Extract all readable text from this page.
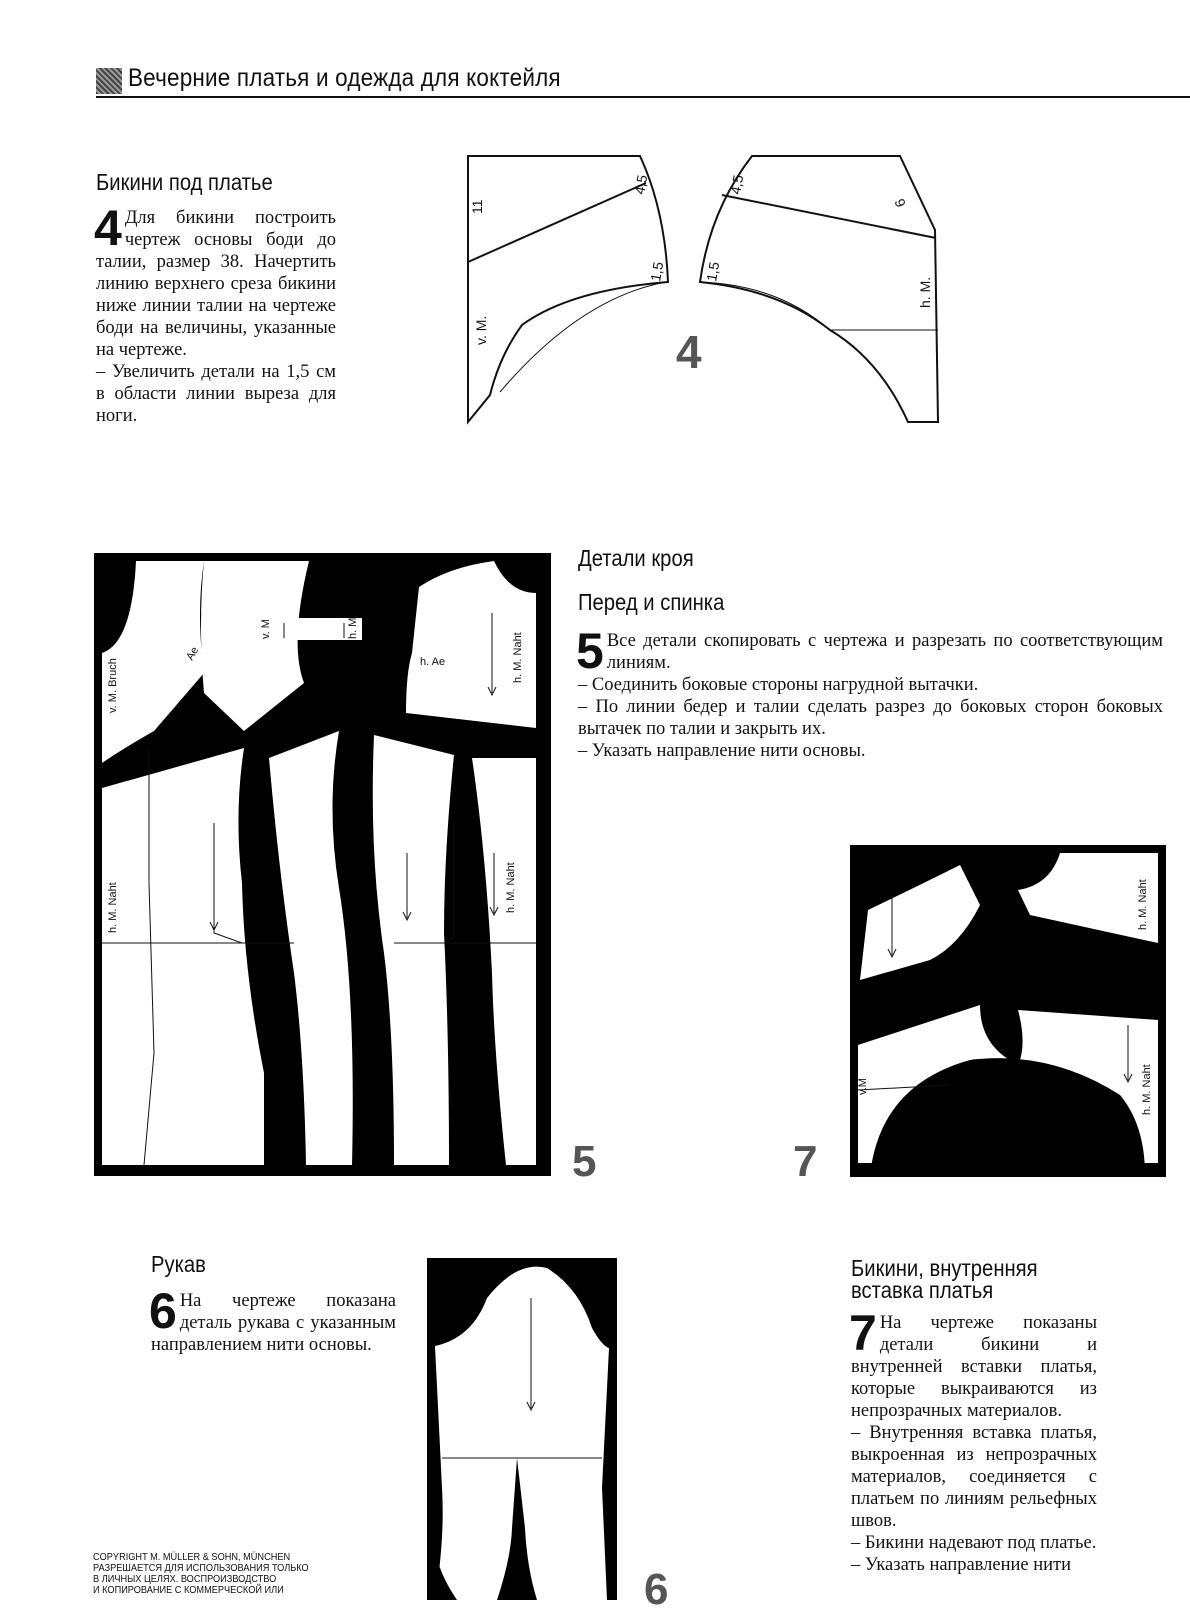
Вечерние платья и одежда для коктейля
Бикини под платье

4 Для бикини построить чертеж основы боди до талии, размер 38. Начертить линию верхнего среза бикини ниже линии талии на чертеже боди на величины, указанные на чертеже.

– Увеличить детали на 1,5 см в области линии выреза для ноги.

4,5
11
1,5
v. M.
4,5
6
1,5
h. M.
4
v. M. Bruch
Ae	h. Ae	h. M. Naht
h. M. Naht	h. M. Naht
v. M	h. M
5
Детали кроя
Перед и спинка

5 Все детали скопировать с чертежа и разрезать по соответствующим линиям.

– Соединить боковые стороны нагрудной вытачки.

– По линии бедер и талии сделать разрез до боковых сторон боковых вытачек по талии и закрыть их.

– Указать направление нити основы.

h. M. Naht
h. M. Naht
v.M
7
Рукав

6 На чертеже показана деталь рукава с указанным направлением нити основы.

6
Бикини, внутренняя
вставка платья

7 На чертеже показаны детали бикини и внутренней вставки платья, которые выкраиваются из непрозрачных материалов.

– Внутренняя вставка платья, выкроенная из непрозрачных материалов, соединяется с платьем по линиям рельефных швов.

– Бикини надевают под платье.

– Указать направление нити

COPYRIGHT M. MÜLLER & SOHN, MÜNCHEN
РАЗРЕШАЕТСЯ ДЛЯ ИСПОЛЬЗОВАНИЯ ТОЛЬКО
В ЛИЧНЫХ ЦЕЛЯХ. ВОСПРОИЗВОДСТВО
И КОПИРОВАНИЕ С КОММЕРЧЕСКОЙ ИЛИ
